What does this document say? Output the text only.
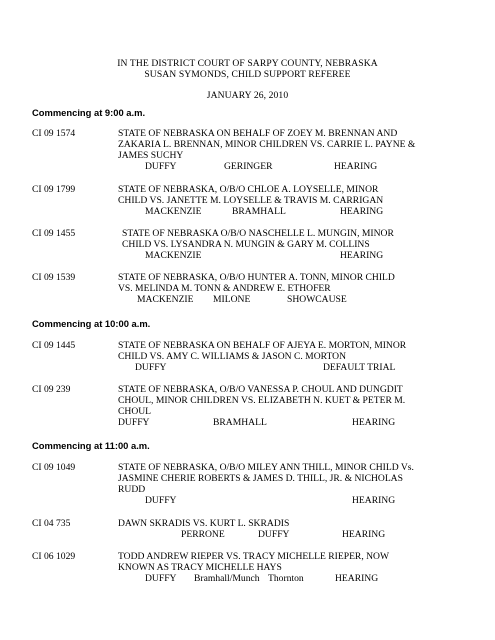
IN THE DISTRICT COURT OF SARPY COUNTY, NEBRASKA
SUSAN SYMONDS, CHILD SUPPORT REFEREE
JANUARY 26, 2010
Commencing at 9:00 a.m.
CI 09 1574	STATE OF NEBRASKA ON BEHALF OF ZOEY M. BRENNAN AND
ZAKARIA L. BRENNAN, MINOR CHILDREN VS. CARRIE L. PAYNE &
JAMES SUCHY
DUFFY	GERINGER	HEARING
CI 09 1799	STATE OF NEBRASKA, O/B/O CHLOE A. LOYSELLE, MINOR
CHILD VS. JANETTE M. LOYSELLE & TRAVIS M. CARRIGAN
MACKENZIE	BRAMHALL	HEARING
CI 09 1455	STATE OF NEBRASKA O/B/O NASCHELLE L. MUNGIN, MINOR
CHILD VS. LYSANDRA N. MUNGIN & GARY M. COLLINS
MACKENZIE	HEARING
CI 09 1539	STATE OF NEBRASKA, O/B/O HUNTER A. TONN, MINOR CHILD
VS. MELINDA M. TONN & ANDREW E. ETHOFER
MACKENZIE MILONE	SHOWCAUSE
Commencing at 10:00 a.m.
CI 09 1445	STATE OF NEBRASKA ON BEHALF OF AJEYA E. MORTON, MINOR
CHILD VS. AMY C. WILLIAMS & JASON C. MORTON
DUFFY	DEFAULT TRIAL
CI 09 239	STATE OF NEBRASKA, O/B/O VANESSA P. CHOUL AND DUNGDIT
CHOUL, MINOR CHILDREN VS. ELIZABETH N. KUET & PETER M.
CHOUL
DUFFY	BRAMHALL	HEARING
Commencing at 11:00 a.m.
CI 09 1049	STATE OF NEBRASKA, O/B/O MILEY ANN THILL, MINOR CHILD Vs.
JASMINE CHERIE ROBERTS & JAMES D. THILL, JR. & NICHOLAS
RUDD
DUFFY	HEARING
CI 04 735	DAWN SKRADIS VS. KURT L. SKRADIS
PERRONE	DUFFY	HEARING
CI 06 1029	TODD ANDREW RIEPER VS. TRACY MICHELLE RIEPER, NOW
KNOWN AS TRACY MICHELLE HAYS
DUFFY Bramhall/Munch Thornton	HEARING
